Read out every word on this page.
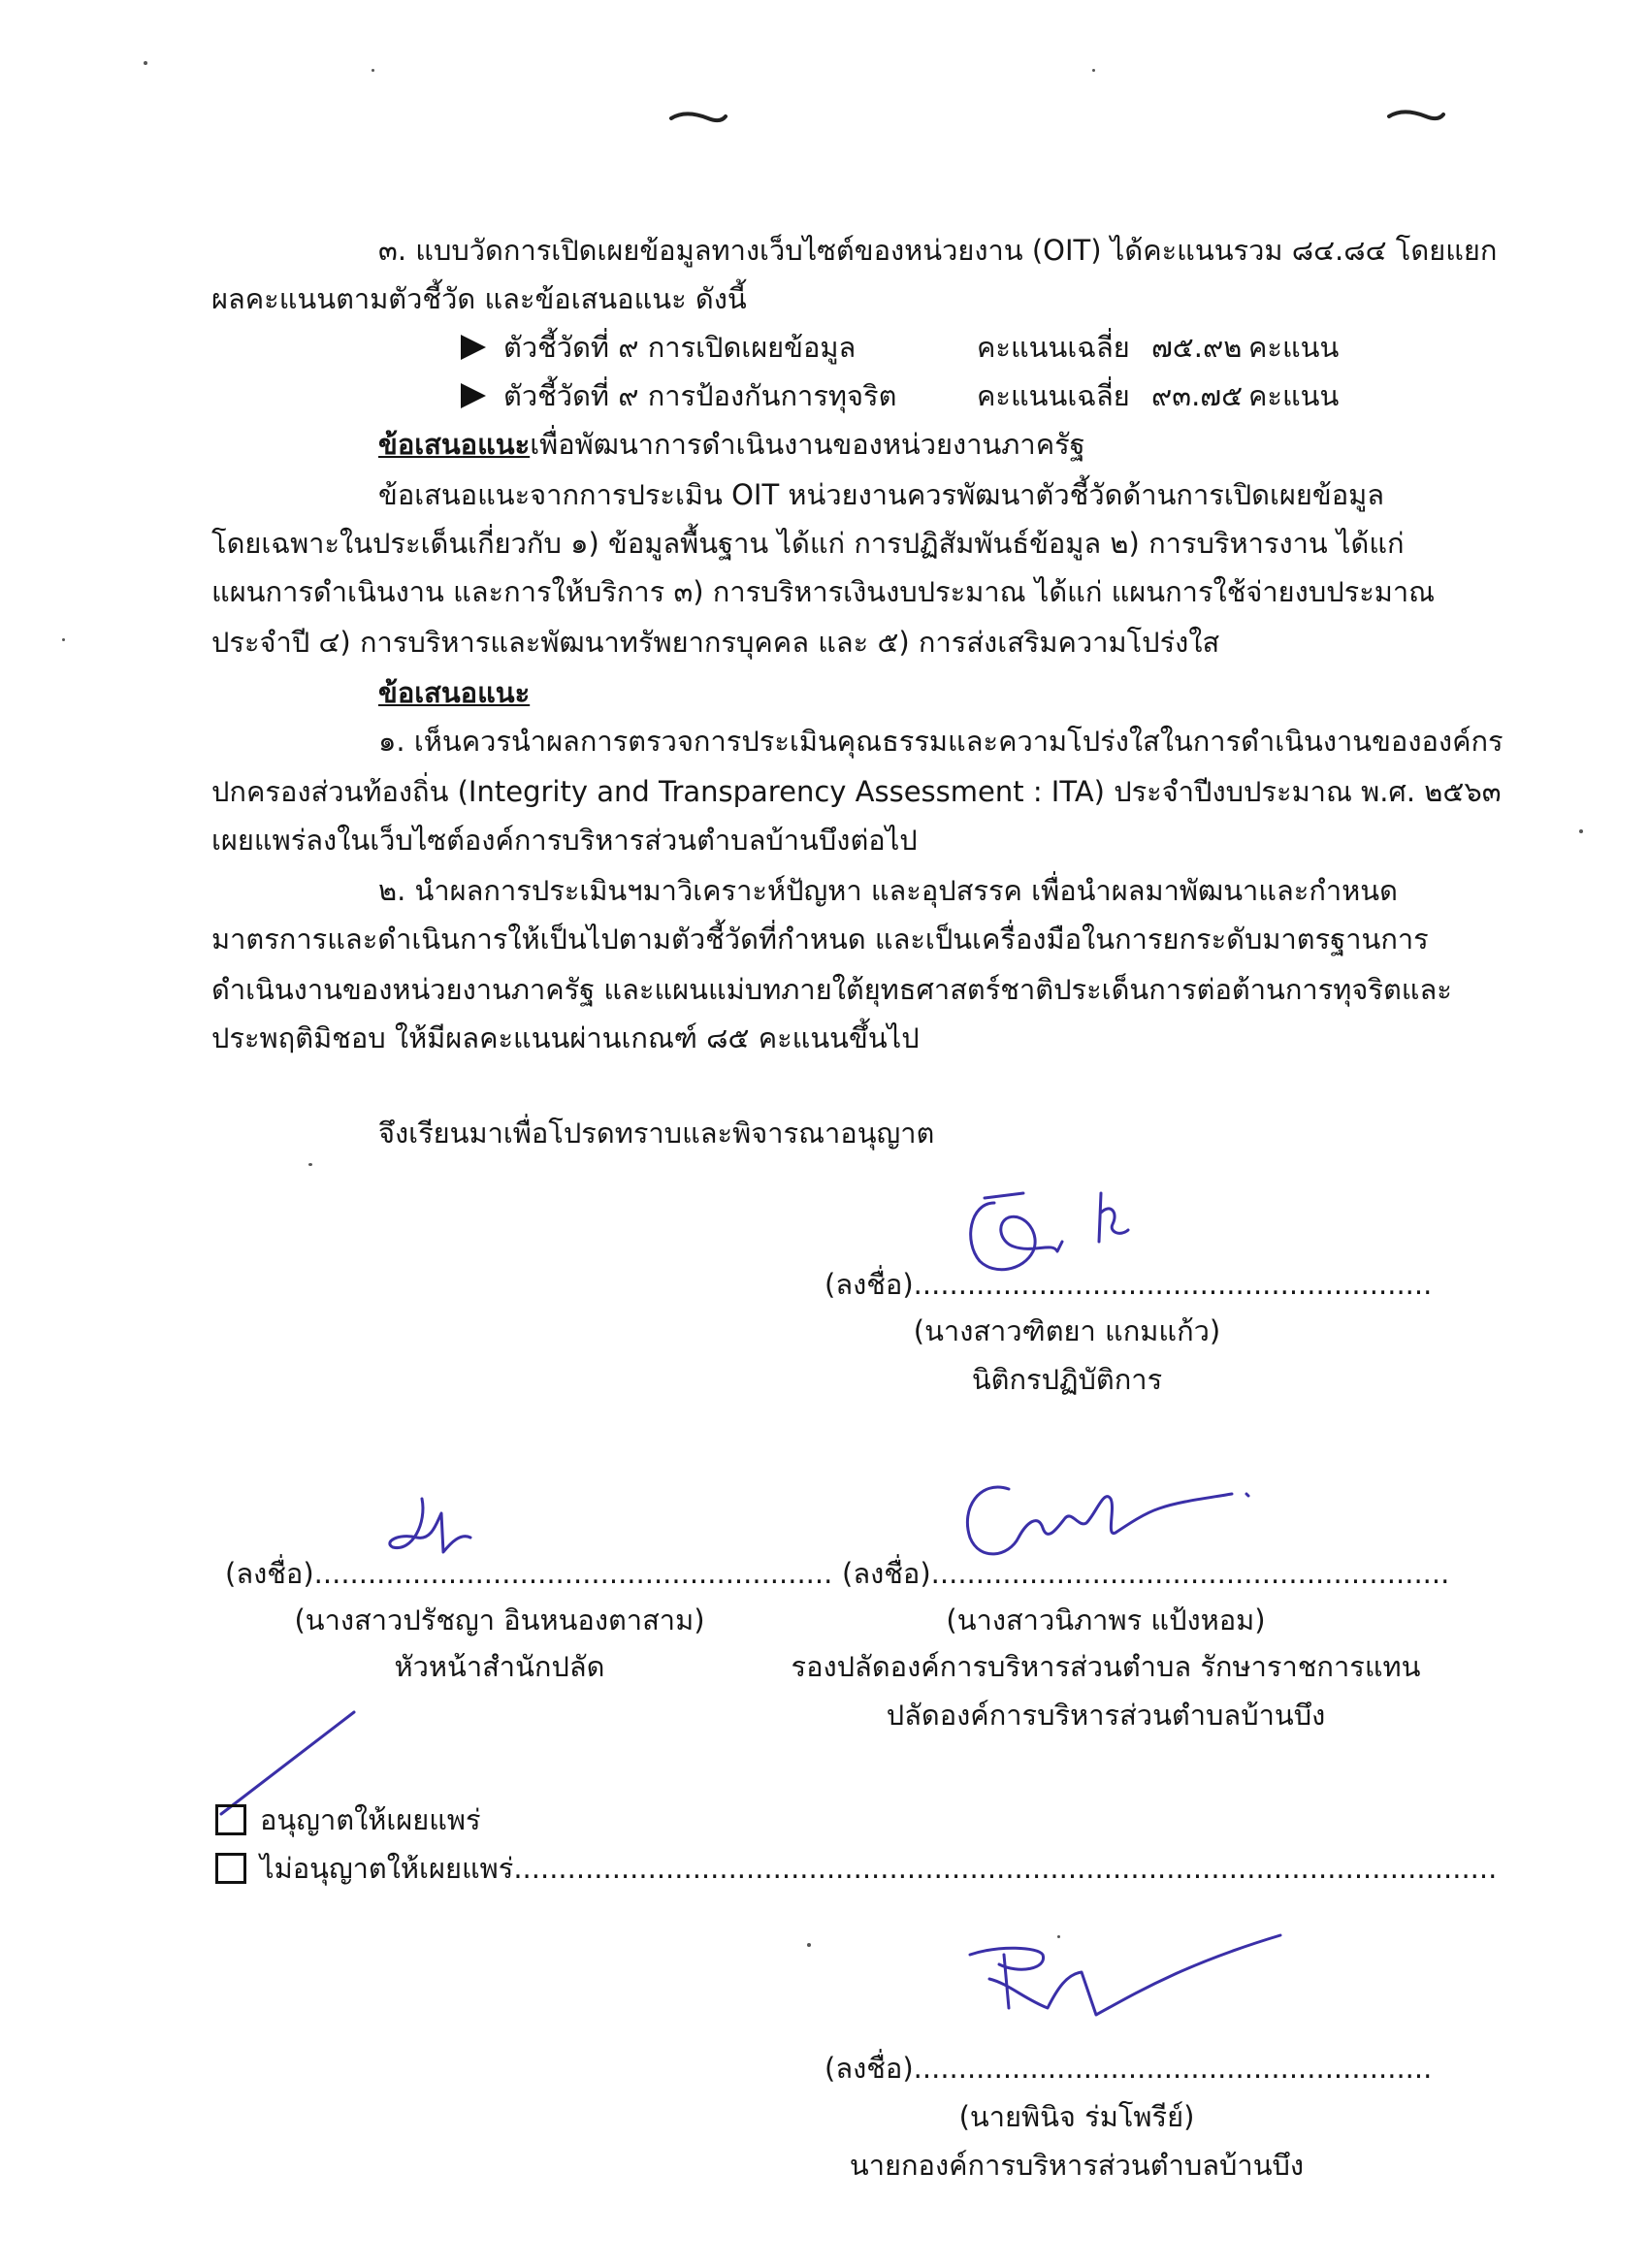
๓. แบบวัดการเปิดเผยข้อมูลทางเว็บไซต์ของหน่วยงาน (OIT) ได้คะแนนรวม ๘๔.๘๔ โดยแยก
ผลคะแนนตามตัวชี้วัด และข้อเสนอแนะ ดังนี้
ตัวชี้วัดที่ ๙ การเปิดเผยข้อมูล	คะแนนเฉลี่ย ๗๕.๙๒ คะแนน
ตัวชี้วัดที่ ๙ การป้องกันการทุจริต	คะแนนเฉลี่ย ๙๓.๗๕ คะแนน
ข้อเสนอแนะเพื่อพัฒนาการดำเนินงานของหน่วยงานภาครัฐ
ข้อเสนอแนะจากการประเมิน OIT หน่วยงานควรพัฒนาตัวชี้วัดด้านการเปิดเผยข้อมูล
โดยเฉพาะในประเด็นเกี่ยวกับ ๑) ข้อมูลพื้นฐาน ได้แก่ การปฏิสัมพันธ์ข้อมูล ๒) การบริหารงาน ได้แก่
แผนการดำเนินงาน และการให้บริการ ๓) การบริหารเงินงบประมาณ ได้แก่ แผนการใช้จ่ายงบประมาณ
ประจำปี ๔) การบริหารและพัฒนาทรัพยากรบุคคล และ ๕) การส่งเสริมความโปร่งใส
ข้อเสนอแนะ
๑. เห็นควรนำผลการตรวจการประเมินคุณธรรมและความโปร่งใสในการดำเนินงานขององค์กร
ปกครองส่วนท้องถิ่น (Integrity and Transparency Assessment : ITA) ประจำปีงบประมาณ พ.ศ. ๒๕๖๓
เผยแพร่ลงในเว็บไซต์องค์การบริหารส่วนตำบลบ้านบึงต่อไป
๒. นำผลการประเมินฯมาวิเคราะห์ปัญหา และอุปสรรค เพื่อนำผลมาพัฒนาและกำหนด
มาตรการและดำเนินการให้เป็นไปตามตัวชี้วัดที่กำหนด และเป็นเครื่องมือในการยกระดับมาตรฐานการ
ดำเนินงานของหน่วยงานภาครัฐ และแผนแม่บทภายใต้ยุทธศาสตร์ชาติประเด็นการต่อต้านการทุจริตและ
ประพฤติมิชอบ ให้มีผลคะแนนผ่านเกณฑ์ ๘๕ คะแนนขึ้นไป
จึงเรียนมาเพื่อโปรดทราบและพิจารณาอนุญาต
(ลงชื่อ)..........................................................
(นางสาวฑิตยา แกมแก้ว)
นิติกรปฏิบัติการ
(ลงชื่อ)..........................................................
(นางสาวปรัชญา อินหนองตาสาม)
หัวหน้าสำนักปลัด
(ลงชื่อ)..........................................................
(นางสาวนิภาพร แป้งหอม)
รองปลัดองค์การบริหารส่วนตำบล รักษาราชการแทน
ปลัดองค์การบริหารส่วนตำบลบ้านบึง
อนุญาตให้เผยแพร่
ไม่อนุญาตให้เผยแพร่..............................................................................................................
(ลงชื่อ)..........................................................
(นายพินิจ ร่มโพรีย์)
นายกองค์การบริหารส่วนตำบลบ้านบึง
